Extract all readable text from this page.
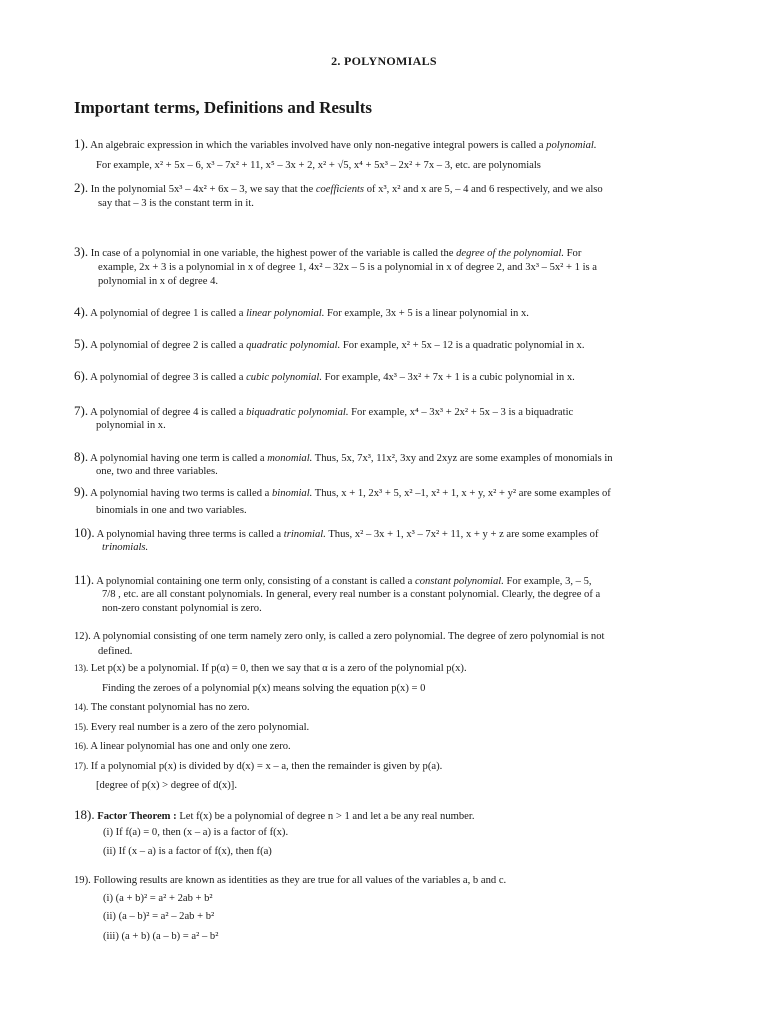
2. POLYNOMIALS
Important terms, Definitions and Results
1). An algebraic expression in which the variables involved have only non-negative integral powers is called a polynomial.
For example, x² + 5x – 6, x³ – 7x² + 11, x⁵ – 3x + 2, x² + √5, x⁴ + 5x³ – 2x² + 7x – 3, etc. are polynomials
2). In the polynomial 5x³ – 4x² + 6x – 3, we say that the coefficients of x³, x² and x are 5, – 4 and 6 respectively, and we also
say that – 3 is the constant term in it.
3). In case of a polynomial in one variable, the highest power of the variable is called the degree of the polynomial. For
example, 2x + 3 is a polynomial in x of degree 1, 4x² – 32x – 5 is a polynomial in x of degree 2, and 3x³ – 5x² + 1 is a
polynomial in x of degree 4.
4). A polynomial of degree 1 is called a linear polynomial. For example, 3x + 5 is a linear polynomial in x.
5). A polynomial of degree 2 is called a quadratic polynomial. For example, x² + 5x – 12 is a quadratic polynomial in x.
6). A polynomial of degree 3 is called a cubic polynomial. For example, 4x³ – 3x² + 7x + 1 is a cubic polynomial in x.
7). A polynomial of degree 4 is called a biquadratic polynomial. For example, x⁴ – 3x³ + 2x² + 5x – 3 is a biquadratic
polynomial in x.
8). A polynomial having one term is called a monomial. Thus, 5x, 7x³, 11x², 3xy and 2xyz are some examples of monomials in
one, two and three variables.
9). A polynomial having two terms is called a binomial. Thus, x + 1, 2x³ + 5, x² –1, x² + 1, x + y, x² + y² are some examples of
binomials in one and two variables.
10). A polynomial having three terms is called a trinomial. Thus, x² – 3x + 1, x³ – 7x² + 11, x + y + z are some examples of
trinomials.
11). A polynomial containing one term only, consisting of a constant is called a constant polynomial. For example, 3, – 5,
7/8 , etc. are all constant polynomials. In general, every real number is a constant polynomial. Clearly, the degree of a
non-zero constant polynomial is zero.
12). A polynomial consisting of one term namely zero only, is called a zero polynomial. The degree of zero polynomial is not
defined.
13). Let p(x) be a polynomial. If p(α) = 0, then we say that α is a zero of the polynomial p(x).
Finding the zeroes of a polynomial p(x) means solving the equation p(x) = 0
14). The constant polynomial has no zero.
15). Every real number is a zero of the zero polynomial.
16). A linear polynomial has one and only one zero.
17). If a polynomial p(x) is divided by d(x) = x – a, then the remainder is given by p(a).
[degree of p(x) > degree of d(x)].
18). Factor Theorem : Let f(x) be a polynomial of degree n > 1 and let a be any real number.
(i) If f(a) = 0, then (x – a) is a factor of f(x).
(ii) If (x – a) is a factor of f(x), then f(a)
19). Following results are known as identities as they are true for all values of the variables a, b and c.
(i) (a + b)² = a² + 2ab + b²
(ii) (a – b)² = a² – 2ab + b²
(iii) (a + b) (a – b) = a² – b²
